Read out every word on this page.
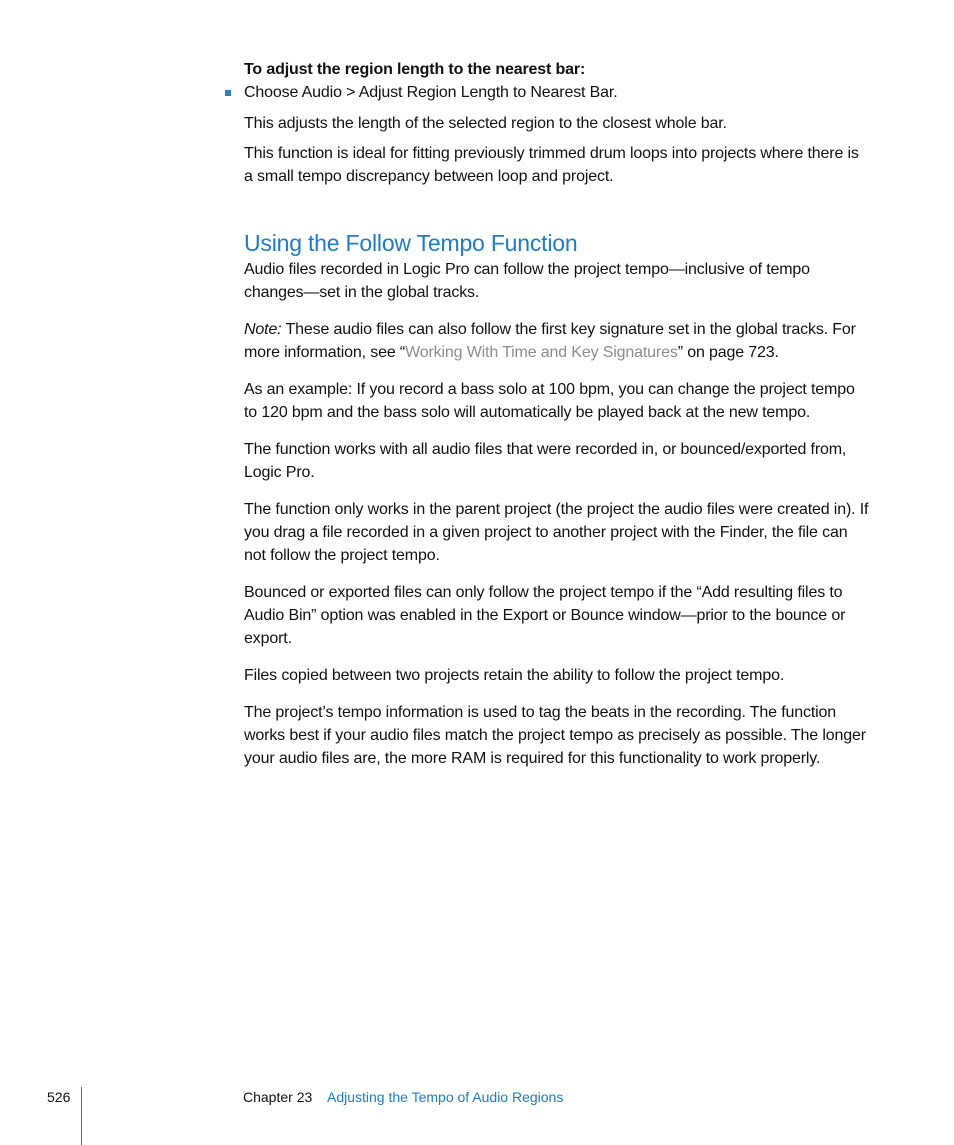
To adjust the region length to the nearest bar:

Choose Audio > Adjust Region Length to Nearest Bar.

This adjusts the length of the selected region to the closest whole bar.

This function is ideal for fitting previously trimmed drum loops into projects where there is a small tempo discrepancy between loop and project.

Using the Follow Tempo Function

Audio files recorded in Logic Pro can follow the project tempo—inclusive of tempo changes—set in the global tracks.

Note: These audio files can also follow the first key signature set in the global tracks. For more information, see “Working With Time and Key Signatures” on page 723.

As an example: If you record a bass solo at 100 bpm, you can change the project tempo to 120 bpm and the bass solo will automatically be played back at the new tempo.

The function works with all audio files that were recorded in, or bounced/exported from, Logic Pro.

The function only works in the parent project (the project the audio files were created in). If you drag a file recorded in a given project to another project with the Finder, the file can not follow the project tempo.

Bounced or exported files can only follow the project tempo if the “Add resulting files to Audio Bin” option was enabled in the Export or Bounce window—prior to the bounce or export.

Files copied between two projects retain the ability to follow the project tempo.

The project’s tempo information is used to tag the beats in the recording. The function works best if your audio files match the project tempo as precisely as possible. The longer your audio files are, the more RAM is required for this functionality to work properly.

526	Chapter 23 Adjusting the Tempo of Audio Regions
